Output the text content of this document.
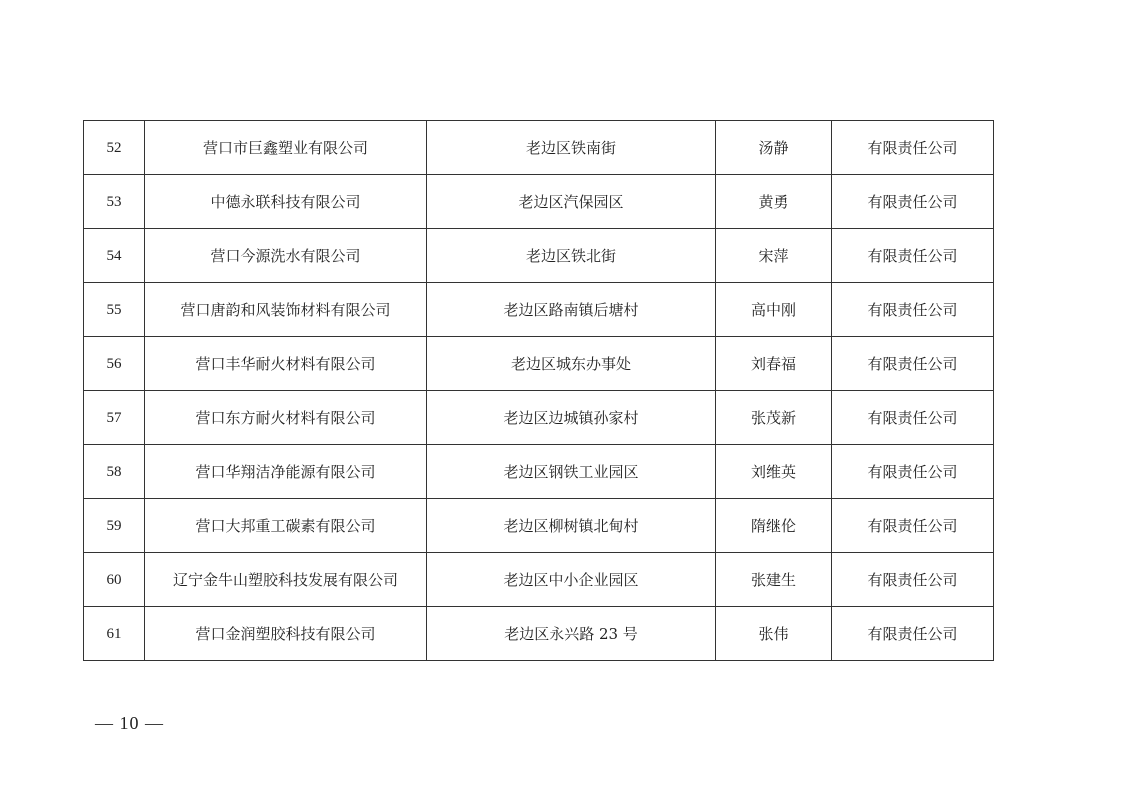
52	营口市巨鑫塑业有限公司	老边区铁南街	汤静	有限责任公司
53	中德永联科技有限公司	老边区汽保园区	黄勇	有限责任公司
54	营口今源洗水有限公司	老边区铁北街	宋萍	有限责任公司
55	营口唐韵和风装饰材料有限公司	老边区路南镇后塘村	高中刚	有限责任公司
56	营口丰华耐火材料有限公司	老边区城东办事处	刘春福	有限责任公司
57	营口东方耐火材料有限公司	老边区边城镇孙家村	张茂新	有限责任公司
58	营口华翔洁净能源有限公司	老边区钢铁工业园区	刘维英	有限责任公司
59	营口大邦重工碳素有限公司	老边区柳树镇北甸村	隋继伦	有限责任公司
60	辽宁金牛山塑胶科技发展有限公司	老边区中小企业园区	张建生	有限责任公司
61	营口金润塑胶科技有限公司	老边区永兴路 23 号	张伟	有限责任公司
— 10 —
